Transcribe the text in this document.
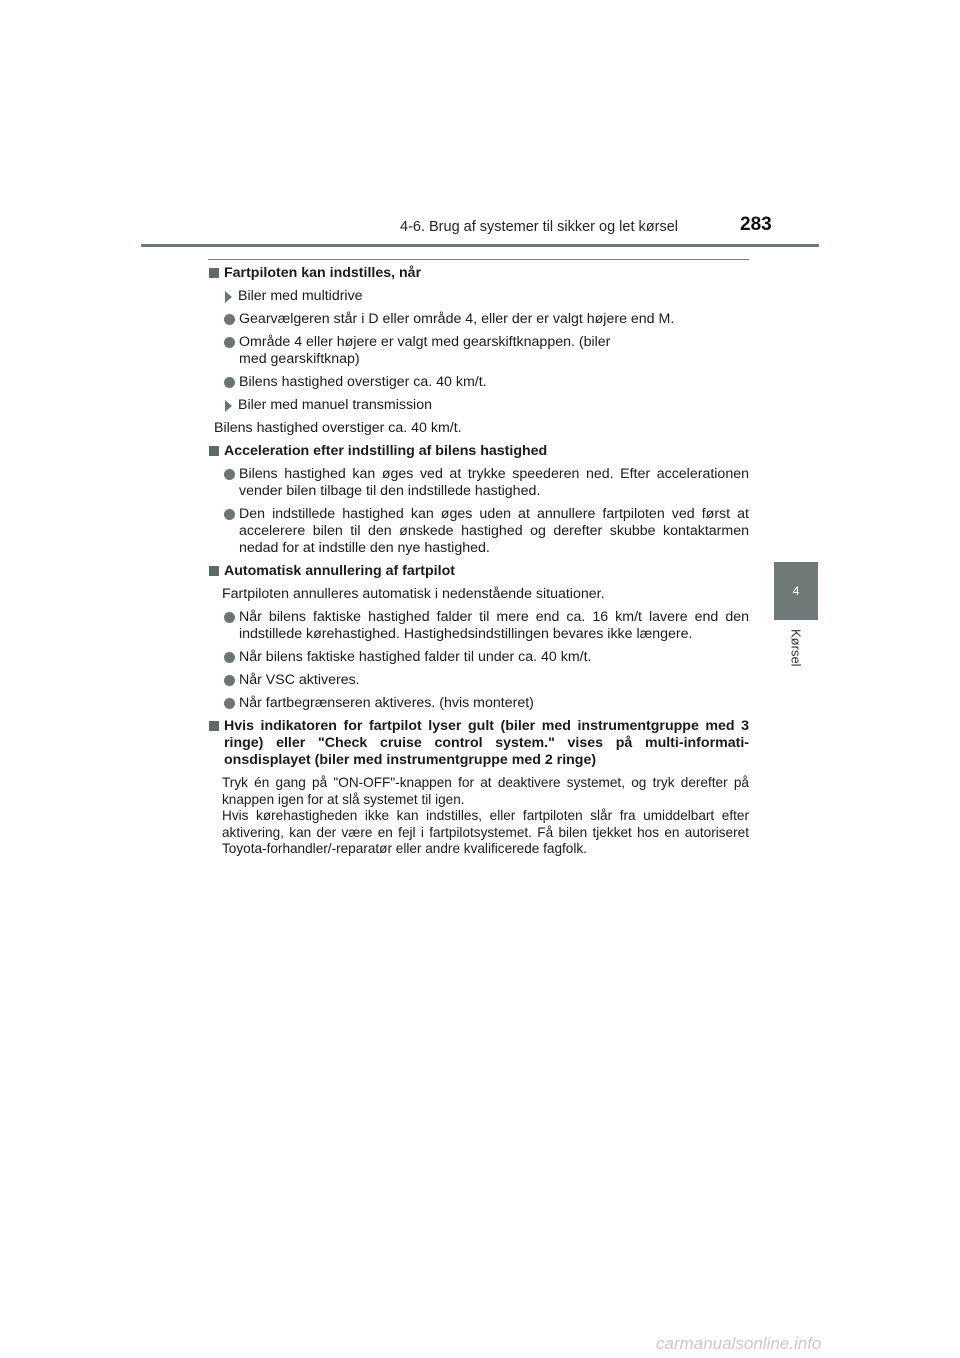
4-6. Brug af systemer til sikker og let kørsel	283
4
Kørsel
Fartpiloten kan indstilles, når
Biler med multidrive
Gearvælgeren står i D eller område 4, eller der er valgt højere end M.
Område 4 eller højere er valgt med gearskiftknappen. (biler med gearskiftknap)
Bilens hastighed overstiger ca. 40 km/t.
Biler med manuel transmission
Bilens hastighed overstiger ca. 40 km/t.
Acceleration efter indstilling af bilens hastighed
Bilens hastighed kan øges ved at trykke speederen ned. Efter accelerationen vender bilen tilbage til den indstillede hastighed.
Den indstillede hastighed kan øges uden at annullere fartpiloten ved først at accelerere bilen til den ønskede hastighed og derefter skubbe kontaktarmen nedad for at indstille den nye hastighed.
Automatisk annullering af fartpilot
Fartpiloten annulleres automatisk i nedenstående situationer.
Når bilens faktiske hastighed falder til mere end ca. 16 km/t lavere end den indstillede kørehastighed. Hastighedsindstillingen bevares ikke længere.
Når bilens faktiske hastighed falder til under ca. 40 km/t.
Når VSC aktiveres.
Når fartbegrænseren aktiveres. (hvis monteret)
Hvis indikatoren for fartpilot lyser gult (biler med instrumentgruppe med 3 ringe) eller "Check cruise control system." vises på multi-informati-onsdisplayet (biler med instrumentgruppe med 2 ringe)
Tryk én gang på "ON-OFF"-knappen for at deaktivere systemet, og tryk derefter på knappen igen for at slå systemet til igen.
Hvis kørehastigheden ikke kan indstilles, eller fartpiloten slår fra umiddelbart efter aktivering, kan der være en fejl i fartpilotsystemet. Få bilen tjekket hos en autoriseret Toyota-forhandler/-reparatør eller andre kvalificerede fagfolk.
carmanualsonline.info
